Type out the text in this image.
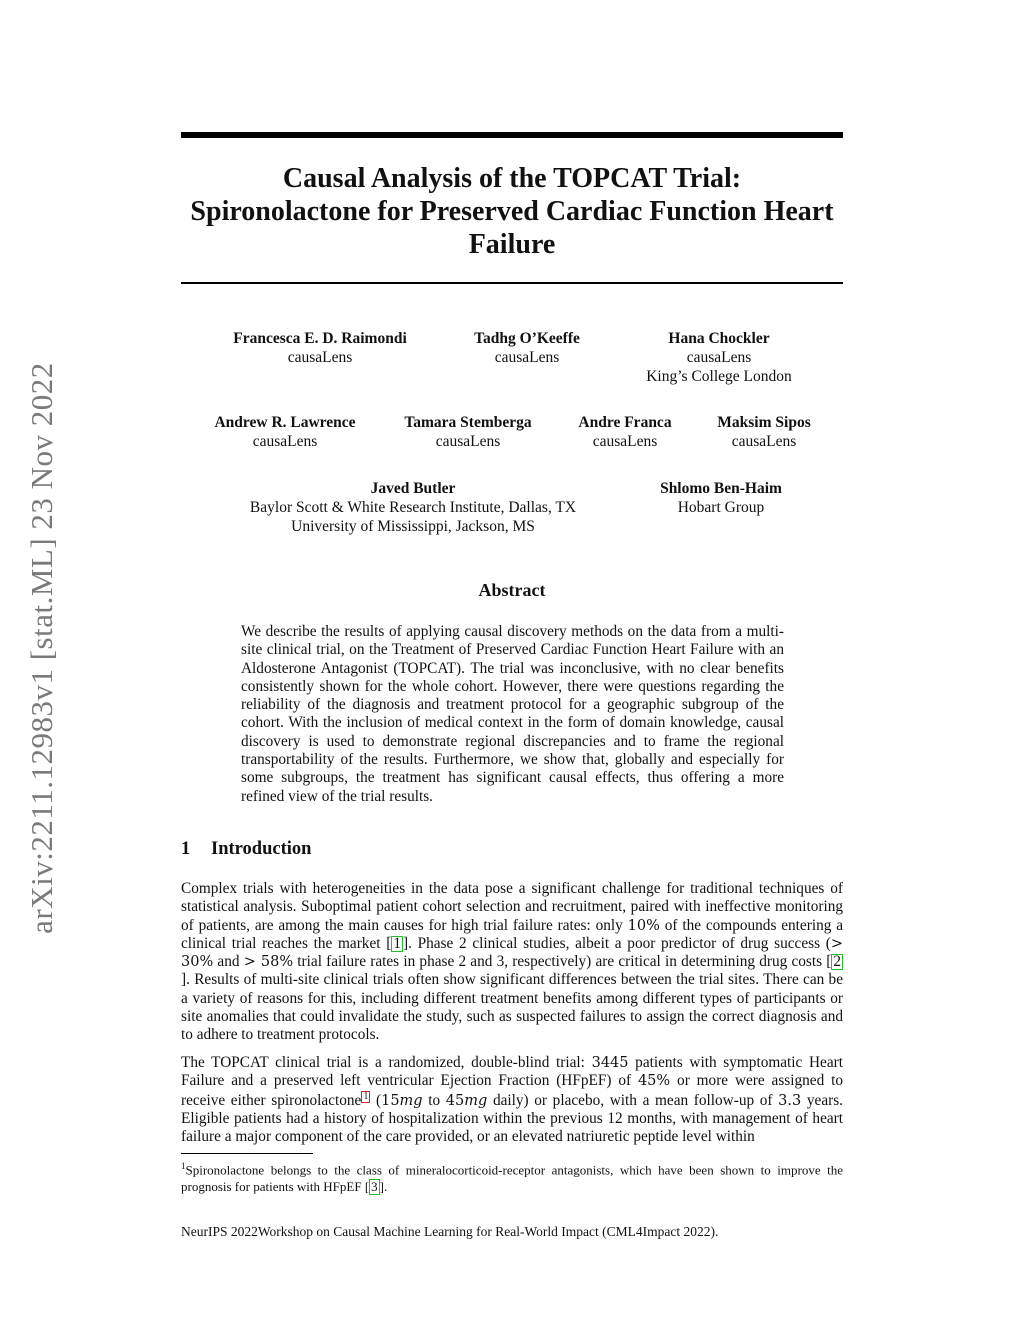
arXiv:2211.12983v1 [stat.ML] 23 Nov 2022
Causal Analysis of the TOPCAT Trial:
Spironolactone for Preserved Cardiac Function Heart
Failure
Francesca E. D. Raimondi
causaLens
Tadhg O’Keeffe
causaLens
Hana Chockler
causaLens
King’s College London
Andrew R. Lawrence
causaLens
Tamara Stemberga
causaLens
Andre Franca
causaLens
Maksim Sipos
causaLens
Javed Butler
Baylor Scott & White Research Institute, Dallas, TX
University of Mississippi, Jackson, MS
Shlomo Ben-Haim
Hobart Group
Abstract

We describe the results of applying causal discovery methods on the data from a multi-site clinical trial, on the Treatment of Preserved Cardiac Function Heart Failure with an Aldosterone Antagonist (TOPCAT). The trial was inconclusive, with no clear benefits consistently shown for the whole cohort. However, there were questions regarding the reliability of the diagnosis and treatment protocol for a geographic subgroup of the cohort. With the inclusion of medical context in the form of domain knowledge, causal discovery is used to demonstrate regional discrepancies and to frame the regional transportability of the results. Furthermore, we show that, globally and especially for some subgroups, the treatment has significant causal effects, thus offering a more refined view of the trial results.

1 Introduction

Complex trials with heterogeneities in the data pose a significant challenge for traditional techniques of statistical analysis. Suboptimal patient cohort selection and recruitment, paired with ineffective monitoring of patients, are among the main causes for high trial failure rates: only 10% of the compounds entering a clinical trial reaches the market [ 1 ]. Phase 2 clinical studies, albeit a poor predictor of drug success (> 30% and > 58% trial failure rates in phase 2 and 3, respectively) are critical in determining drug costs [ 2]. Results of multi-site clinical trials often show significant differences between the trial sites. There can be a variety of reasons for this, including different treatment benefits among different types of participants or site anomalies that could invalidate the study, such as suspected failures to assign the correct diagnosis and to adhere to treatment protocols.

The TOPCAT clinical trial is a randomized, double-blind trial: 3445 patients with symptomatic Heart Failure and a preserved left ventricular Ejection Fraction (HFpEF) of 45% or more were assigned to receive either spironolactone 1 (15mg to 45mg daily) or placebo, with a mean follow-up of 3.3 years. Eligible patients had a history of hospitalization within the previous 12 months, with management of heart failure a major component of the care provided, or an elevated natriuretic peptide level within

$^1$Spironolactone belongs to the class of mineralocorticoid-receptor antagonists, which have been shown to improve the prognosis for patients with HFpEF [ 3 ].

NeurIPS 2022Workshop on Causal Machine Learning for Real-World Impact (CML4Impact 2022).
